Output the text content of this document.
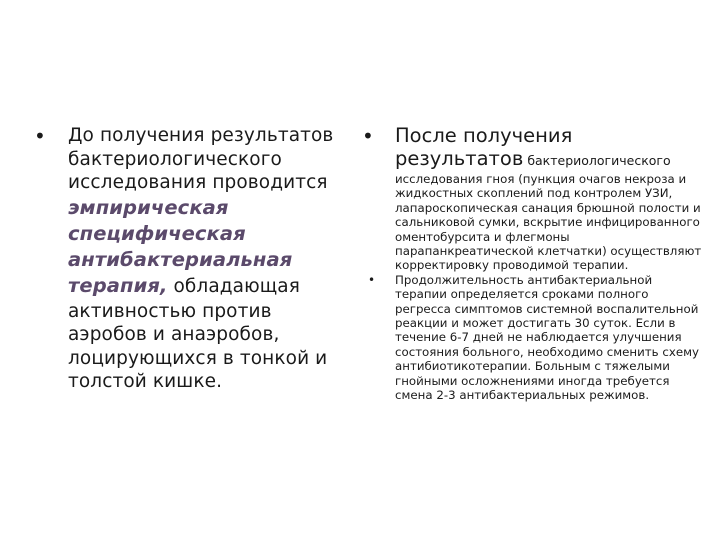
• До получения результатов
бактериологического
исследования проводится
эмпирическая
специфическая
антибактериальная
терапия, обладающая
активностью против
аэробов и анаэробов,
лоцирующихся в тонкой и
толстой кишке.
• После получения
результатов бактериологического
исследования гноя (пункция очагов некроза и жидкостных скоплений под контролем УЗИ, лапароскопическая санация брюшной полости и сальниковой сумки, вскрытие инфицированного оментобурсита и флегмоны парапанкреатической клетчатки) осуществляют корректировку проводимой терапии.
• Продолжительность антибактериальной терапии определяется сроками полного регресса симптомов системной воспалительной реакции и может достигать 30 суток. Если в течение 6-7 дней не наблюдается улучшения состояния больного, необходимо сменить схему антибиотикотерапии. Больным с тяжелыми гнойными осложнениями иногда требуется смена 2-3 антибактериальных режимов.
